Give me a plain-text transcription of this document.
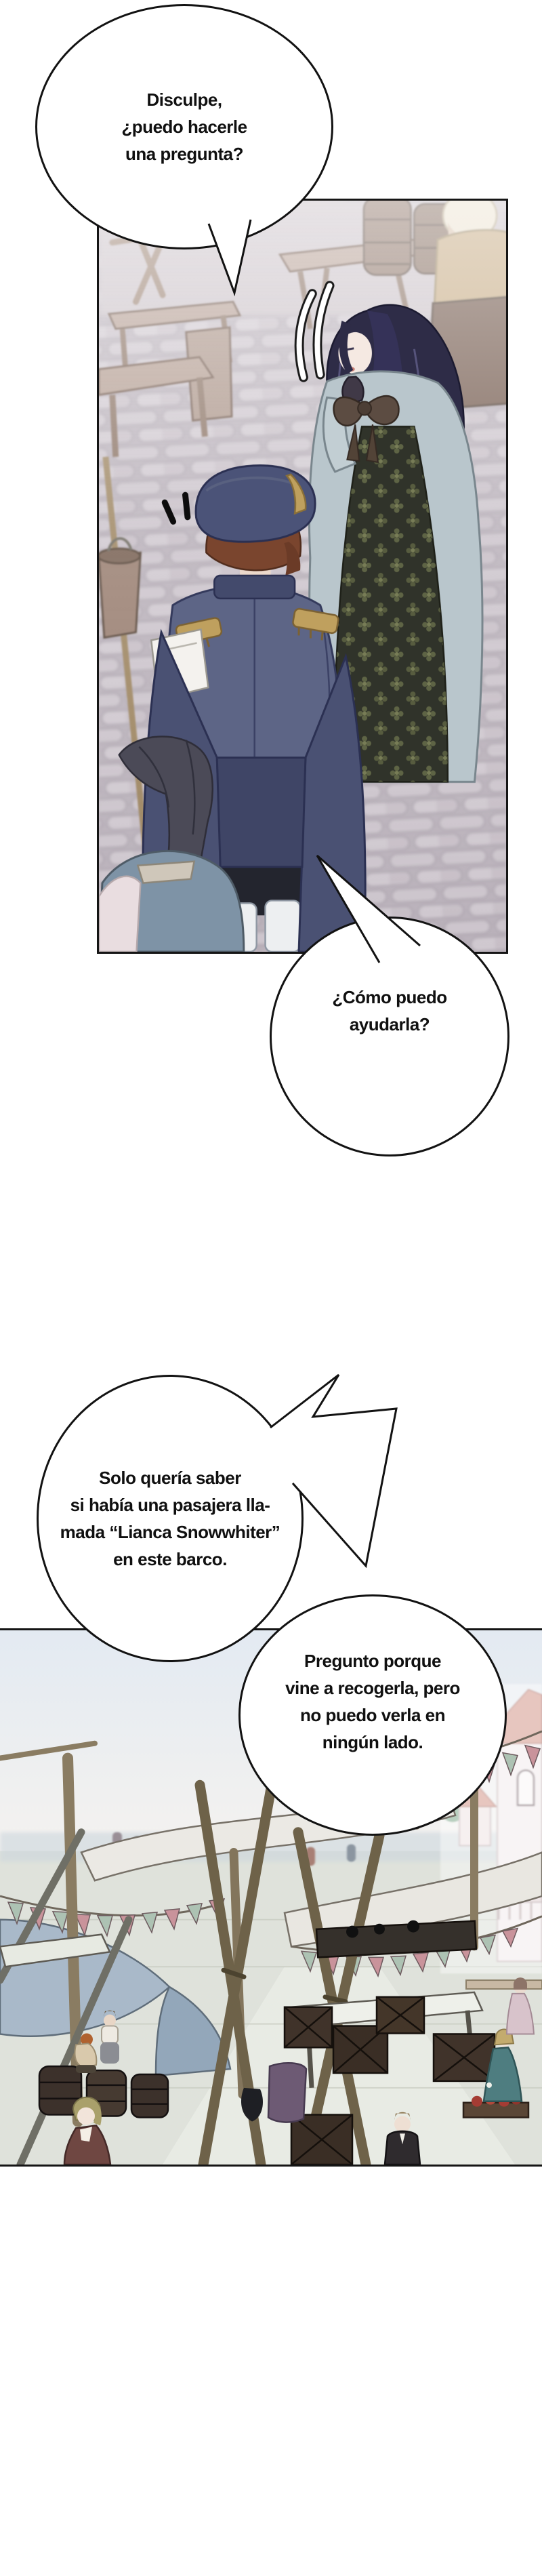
Disculpe,
¿puedo hacerle
una pregunta?
¿Cómo puedo
ayudarla?
Solo quería saber
si había una pasajera lla-
mada “Lianca Snowwhiter”
en este barco.
Pregunto porque
vine a recogerla, pero
no puedo verla en
ningún lado.
